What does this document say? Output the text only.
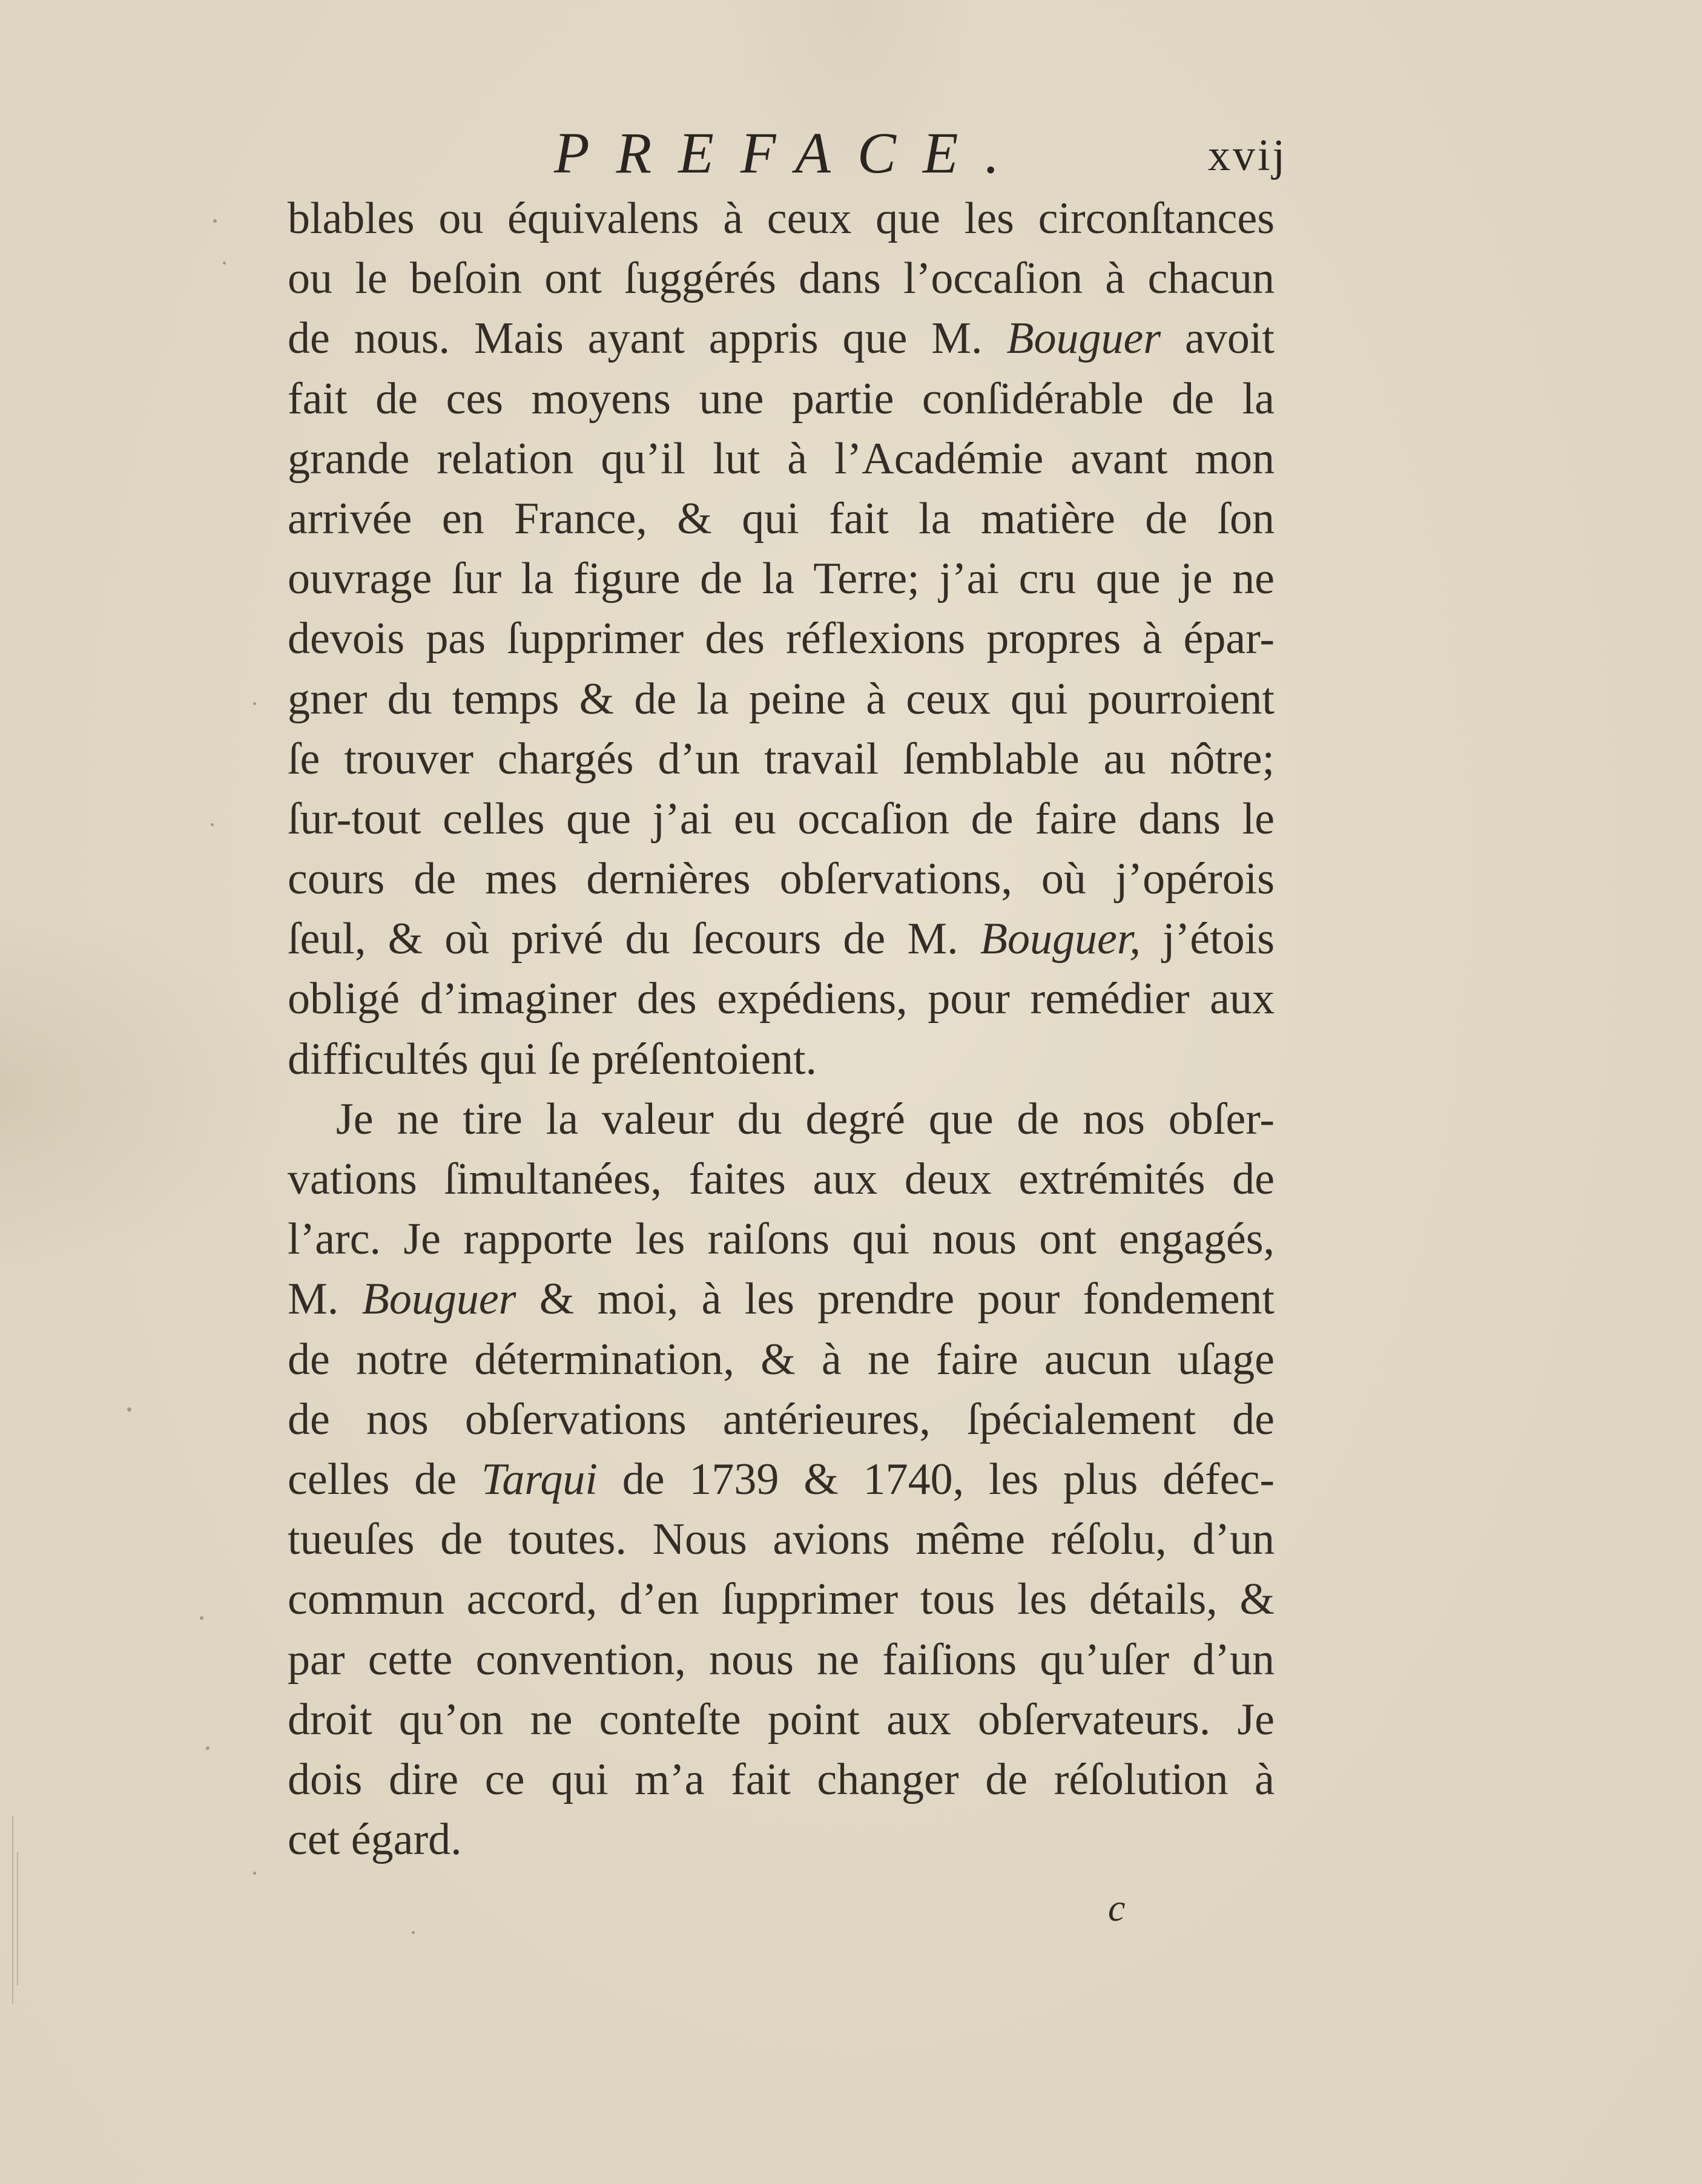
PREFACE.	xvij
blables ou équivalens à ceux que les circonſtances
ou le beſoin ont ſuggérés dans l’occaſion à chacun
de nous. Mais ayant appris que M. Bouguer avoit
fait de ces moyens une partie conſidérable de la
grande relation qu’il lut à l’Académie avant mon
arrivée en France, & qui fait la matière de ſon
ouvrage ſur la figure de la Terre; j’ai cru que je ne
devois pas ſupprimer des réflexions propres à épar-
gner du temps & de la peine à ceux qui pourroient
ſe trouver chargés d’un travail ſemblable au nôtre;
ſur-tout celles que j’ai eu occaſion de faire dans le
cours de mes dernières obſervations, où j’opérois
ſeul, & où privé du ſecours de M. Bouguer, j’étois
obligé d’imaginer des expédiens, pour remédier aux
difficultés qui ſe préſentoient.
Je ne tire la valeur du degré que de nos obſer-
vations ſimultanées, faites aux deux extrémités de
l’arc. Je rapporte les raiſons qui nous ont engagés,
M. Bouguer & moi, à les prendre pour fondement
de notre détermination, & à ne faire aucun uſage
de nos obſervations antérieures, ſpécialement de
celles de Tarqui de 1739 & 1740, les plus défec-
tueuſes de toutes. Nous avions même réſolu, d’un
commun accord, d’en ſupprimer tous les détails, &
par cette convention, nous ne faiſions qu’uſer d’un
droit qu’on ne conteſte point aux obſervateurs. Je
dois dire ce qui m’a fait changer de réſolution à
cet égard.
c
